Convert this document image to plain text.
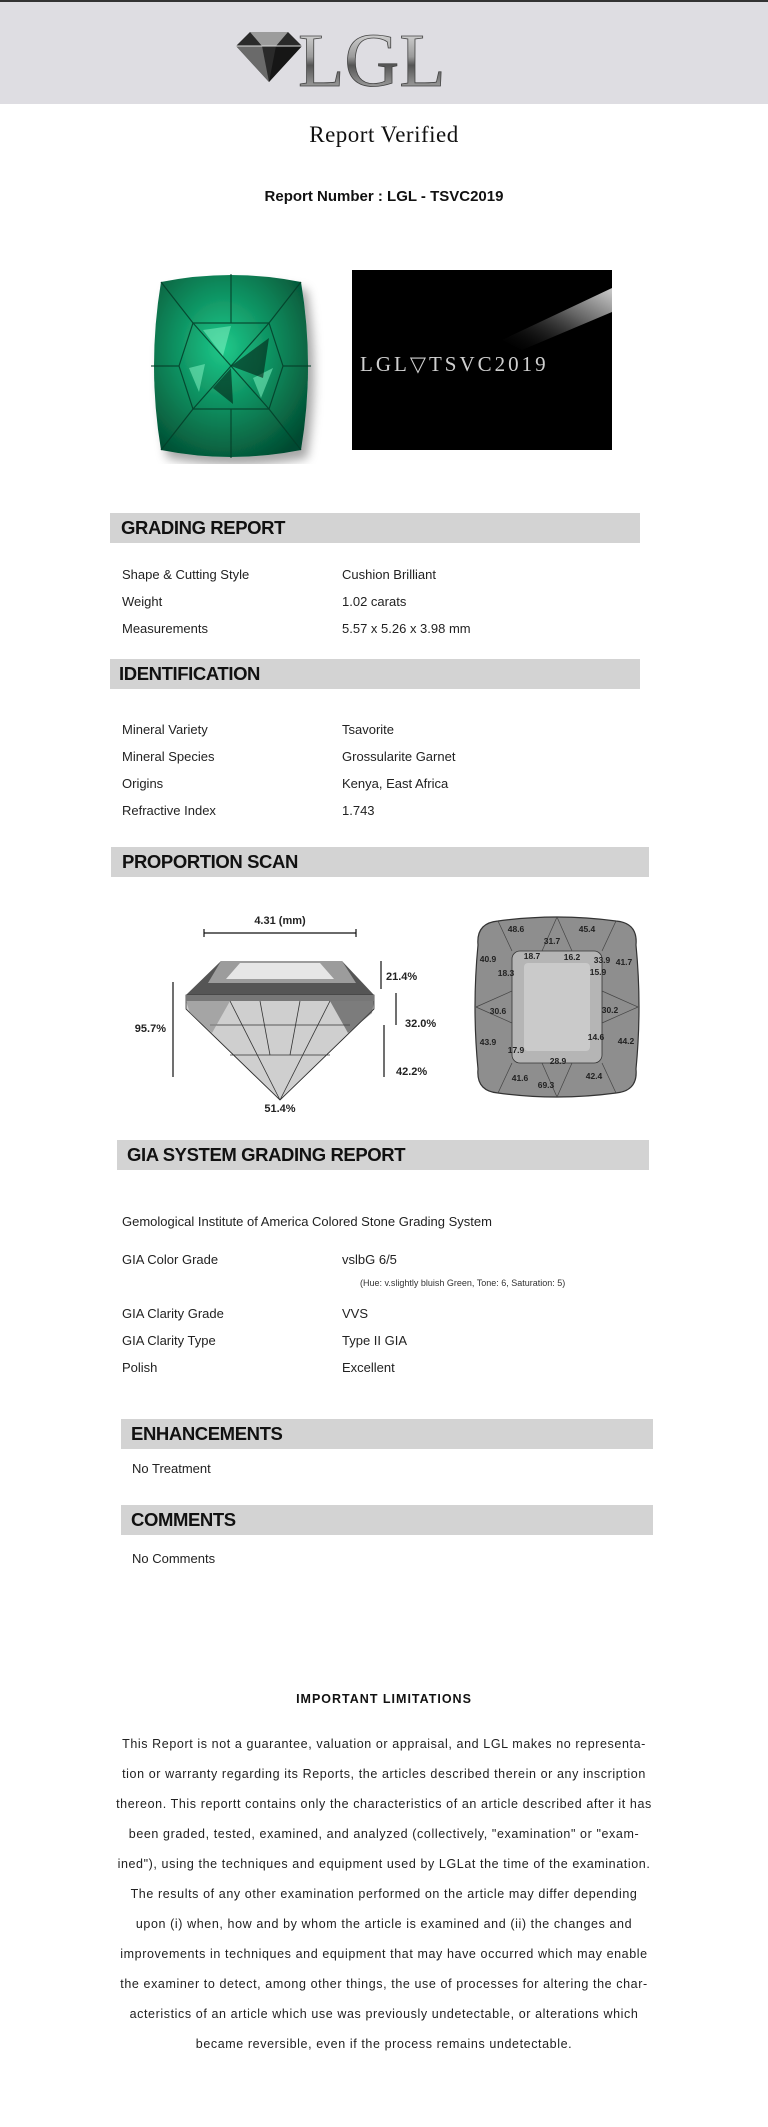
LGL
Report Verified
Report Number : LGL - TSVC2019
LGL▽TSVC2019
GRADING REPORT
Shape & Cutting Style	Cushion Brilliant
Weight	1.02 carats
Measurements	5.57 x 5.26 x 3.98 mm
IDENTIFICATION
Mineral Variety	Tsavorite
Mineral Species	Grossularite Garnet
Origins	Kenya, East Africa
Refractive Index	1.743
PROPORTION SCAN
4.31 (mm)
95.7%
21.4%
32.0%
42.2%
51.4%
48.6
31.7
45.4
40.9	18.7	16.2 33.9 41.7
18.3	15.9
30.6	30.2
14.6
43.9
17.9
44.2
28.9
41.6	42.4
69.3
GIA SYSTEM GRADING REPORT
Gemological Institute of America Colored Stone Grading System
GIA Color Grade	vslbG 6/5
(Hue: v.slightly bluish Green, Tone: 6, Saturation: 5)
GIA Clarity Grade	VVS
GIA Clarity Type	Type II GIA
Polish	Excellent
ENHANCEMENTS
No Treatment
COMMENTS
No Comments
IMPORTANT LIMITATIONS
This Report is not a guarantee, valuation or appraisal, and LGL makes no representa-
tion or warranty regarding its Reports, the articles described therein or any inscription
thereon. This reportt contains only the characteristics of an article described after it has
been graded, tested, examined, and analyzed (collectively, "examination" or "exam-
ined"), using the techniques and equipment used by LGLat the time of the examination.
The results of any other examination performed on the article may differ depending
upon (i) when, how and by whom the article is examined and (ii) the changes and
improvements in techniques and equipment that may have occurred which may enable
the examiner to detect, among other things, the use of processes for altering the char-
acteristics of an article which use was previously undetectable, or alterations which
became reversible, even if the process remains undetectable.
